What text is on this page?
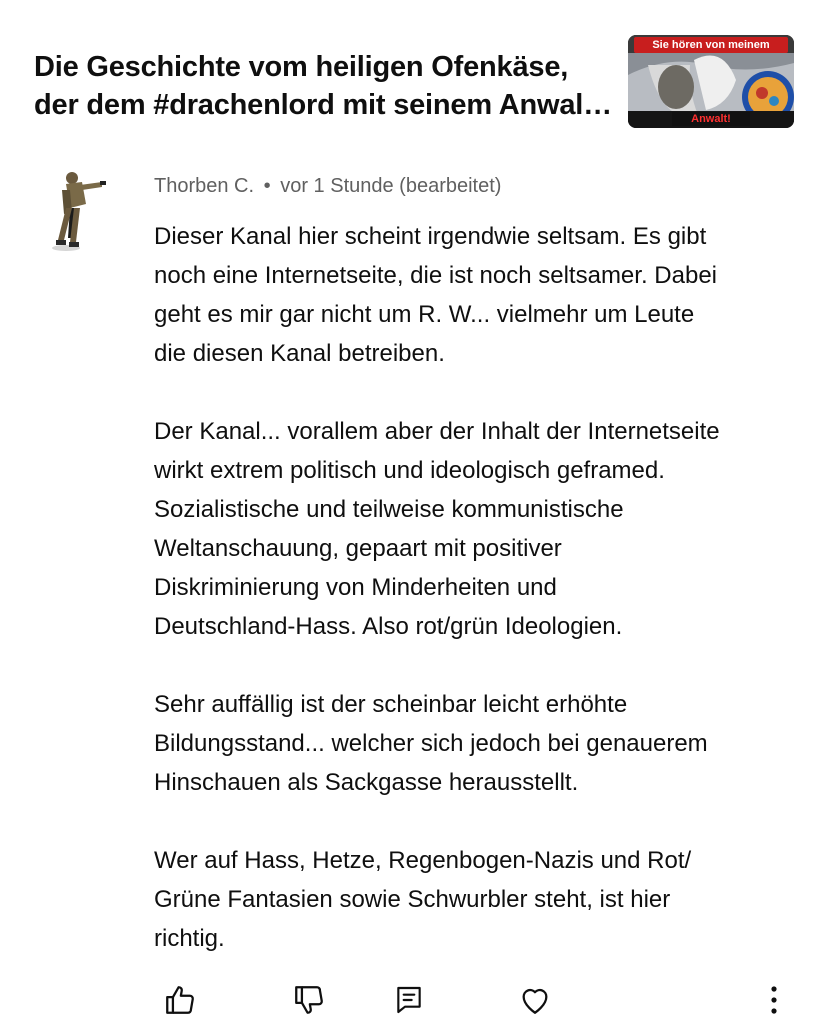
Die Geschichte vom heiligen Ofenkäse,
der dem #drachenlord mit seinem Anwal…
Sie hören von meinem
Anwalt!
Thorben C. • vor 1 Stunde (bearbeitet)

Dieser Kanal hier scheint irgendwie seltsam. Es gibt
noch eine Internetseite, die ist noch seltsamer. Dabei
geht es mir gar nicht um R. W... vielmehr um Leute
die diesen Kanal betreiben.

Der Kanal... vorallem aber der Inhalt der Internetseite
wirkt extrem politisch und ideologisch geframed.
Sozialistische und teilweise kommunistische
Weltanschauung, gepaart mit positiver
Diskriminierung von Minderheiten und
Deutschland-Hass. Also rot/grün Ideologien.

Sehr auffällig ist der scheinbar leicht erhöhte
Bildungsstand... welcher sich jedoch bei genauerem
Hinschauen als Sackgasse herausstellt.

Wer auf Hass, Hetze, Regenbogen-Nazis und Rot/
Grüne Fantasien sowie Schwurbler steht, ist hier
richtig.
